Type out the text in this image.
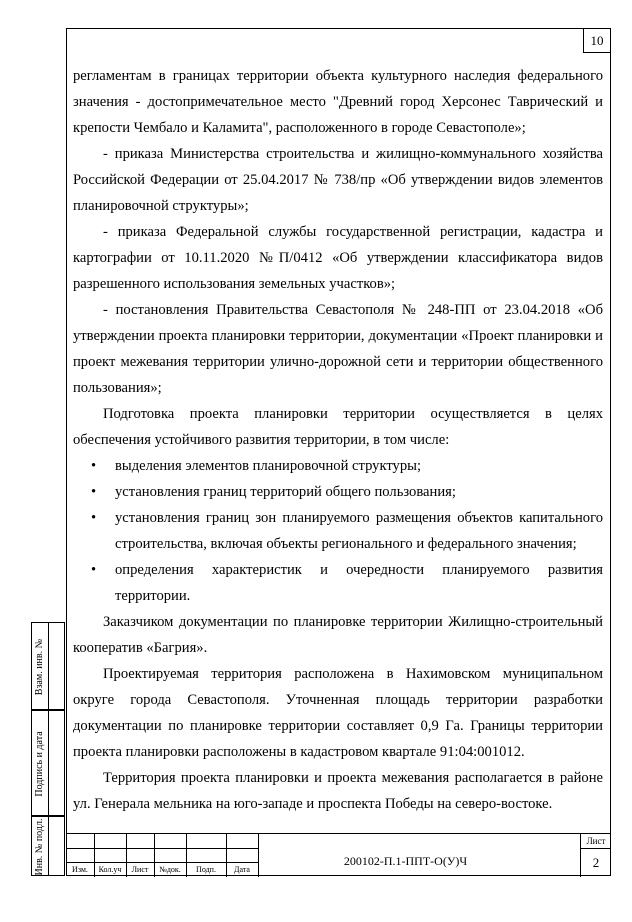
10

регламентам в границах территории объекта культурного наследия федерального значения - достопримечательное место "Древний город Херсонес Таврический и крепости Чембало и Каламита", расположенного в городе Севастополе»;

- приказа Министерства строительства и жилищно-коммунального хозяйства Российской Федерации от 25.04.2017 № 738/пр «Об утверждении видов элементов планировочной структуры»;

- приказа Федеральной службы государственной регистрации, кадастра и картографии от 10.11.2020 №П/0412 «Об утверждении классификатора видов разрешенного использования земельных участков»;

- постановления Правительства Севастополя № 248-ПП от 23.04.2018 «Об утверждении проекта планировки территории, документации «Проект планировки и проект межевания территории улично-дорожной сети и территории общественного пользования»;

Подготовка проекта планировки территории осуществляется в целях обеспечения устойчивого развития территории, в том числе:

• выделения элементов планировочной структуры;
• установления границ территорий общего пользования;
• установления границ зон планируемого размещения объектов капитального строительства, включая объекты регионального и федерального значения;
• определения характеристик и очередности планируемого развития территории.

Заказчиком документации по планировке территории Жилищно-строительный кооператив «Багрия».

Проектируемая территория расположена в Нахимовском муниципальном округе города Севастополя. Уточненная площадь территории разработки документации по планировке территории составляет 0,9 Га. Границы территории проекта планировки расположены в кадастровом квартале 91:04:001012.

Территория проекта планировки и проекта межевания располагается в районе ул. Генерала мельника на юго-западе и проспекта Победы на северо-востоке.

Взам. инв. №
Подпись и дата
Инв. № подл.	Изм.	Кол.уч	Лист	№док.	Подп.	Дата
200102-П.1-ППТ-О(У)Ч
Лист
2
